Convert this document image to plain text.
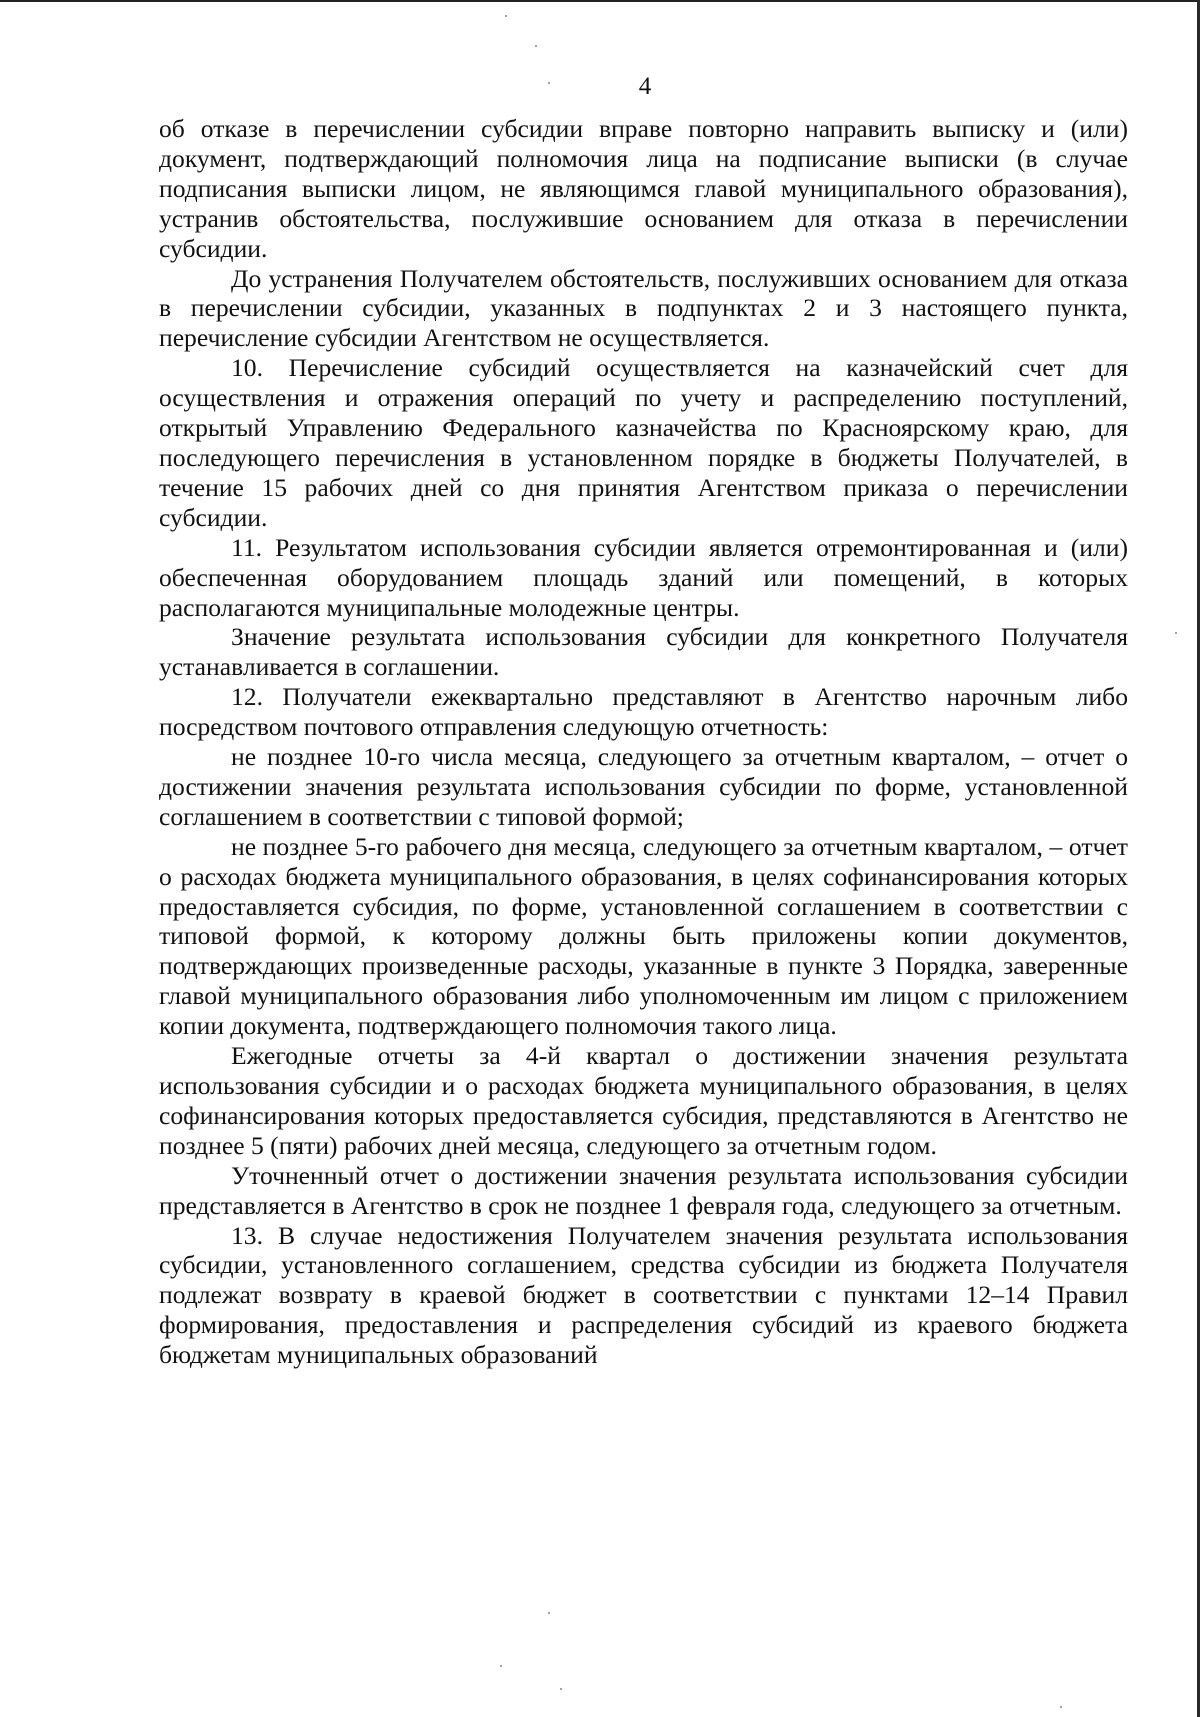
4

об отказе в перечислении субсидии вправе повторно направить выписку и (или) документ, подтверждающий полномочия лица на подписание выписки (в случае подписания выписки лицом, не являющимся главой муниципального образования), устранив обстоятельства, послужившие основанием для отказа в перечислении субсидии.

До устранения Получателем обстоятельств, послуживших основанием для отказа в перечислении субсидии, указанных в подпунктах 2 и 3 настоящего пункта, перечисление субсидии Агентством не осуществляется.

10. Перечисление субсидий осуществляется на казначейский счет для осуществления и отражения операций по учету и распределению поступлений, открытый Управлению Федерального казначейства по Красноярскому краю, для последующего перечисления в установленном порядке в бюджеты Получателей, в течение 15 рабочих дней со дня принятия Агентством приказа о перечислении субсидии.

11. Результатом использования субсидии является отремонтированная и (или) обеспеченная оборудованием площадь зданий или помещений, в которых располагаются муниципальные молодежные центры.

Значение результата использования субсидии для конкретного Получателя устанавливается в соглашении.

12. Получатели ежеквартально представляют в Агентство нарочным либо посредством почтового отправления следующую отчетность:

не позднее 10-го числа месяца, следующего за отчетным кварталом, – отчет о достижении значения результата использования субсидии по форме, установленной соглашением в соответствии с типовой формой;

не позднее 5-го рабочего дня месяца, следующего за отчетным кварталом, – отчет о расходах бюджета муниципального образования, в целях софинансирования которых предоставляется субсидия, по форме, установленной соглашением в соответствии с типовой формой, к которому должны быть приложены копии документов, подтверждающих произведенные расходы, указанные в пункте 3 Порядка, заверенные главой муниципального образования либо уполномоченным им лицом с приложением копии документа, подтверждающего полномочия такого лица.

Ежегодные отчеты за 4-й квартал о достижении значения результата использования субсидии и о расходах бюджета муниципального образования, в целях софинансирования которых предоставляется субсидия, представляются в Агентство не позднее 5 (пяти) рабочих дней месяца, следующего за отчетным годом.

Уточненный отчет о достижении значения результата использования субсидии представляется в Агентство в срок не позднее 1 февраля года, следующего за отчетным.

13. В случае недостижения Получателем значения результата использования субсидии, установленного соглашением, средства субсидии из бюджета Получателя подлежат возврату в краевой бюджет в соответствии с пунктами 12–14 Правил формирования, предоставления и распределения субсидий из краевого бюджета бюджетам муниципальных образований
